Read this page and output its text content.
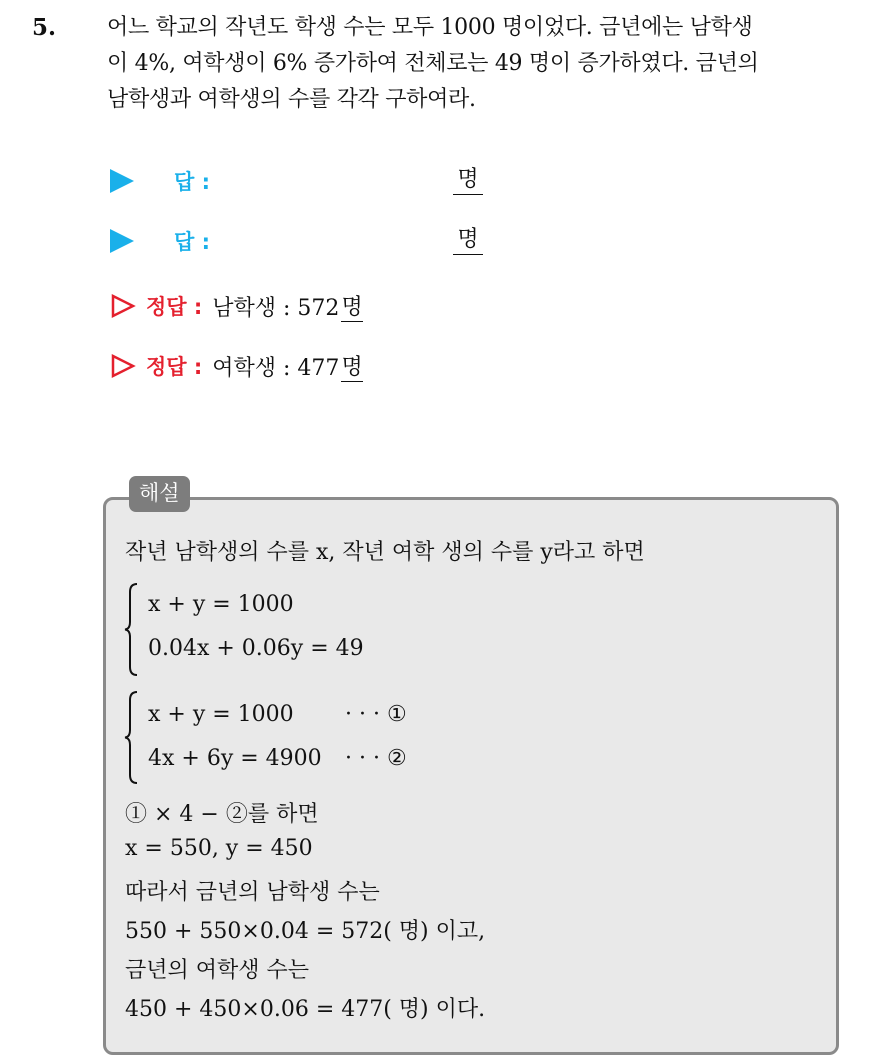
5. 어느 학교의 작년도 학생 수는 모두 1000 명이었다. 금년에는 남학생
이 4%, 여학생이 6% 증가하여 전체로는 49 명이 증가하였다. 금년의
남학생과 여학생의 수를 각각 구하여라.
답 :	명
답 :	명
정답 : 남학생 : 572 명
정답 : 여학생 : 477 명
해설
작년 남학생의 수를 x, 작년 여학 생의 수를 y라고 하면
x + y = 1000
0.04x + 0.06y = 49
x + y = 1000 · · · ①
4x + 6y = 4900 · · · ②
① × 4 − ②를 하면
x = 550, y = 450
따라서 금년의 남학생 수는
550 + 550×0.04 = 572( 명) 이고,
금년의 여학생 수는
450 + 450×0.06 = 477( 명) 이다.
